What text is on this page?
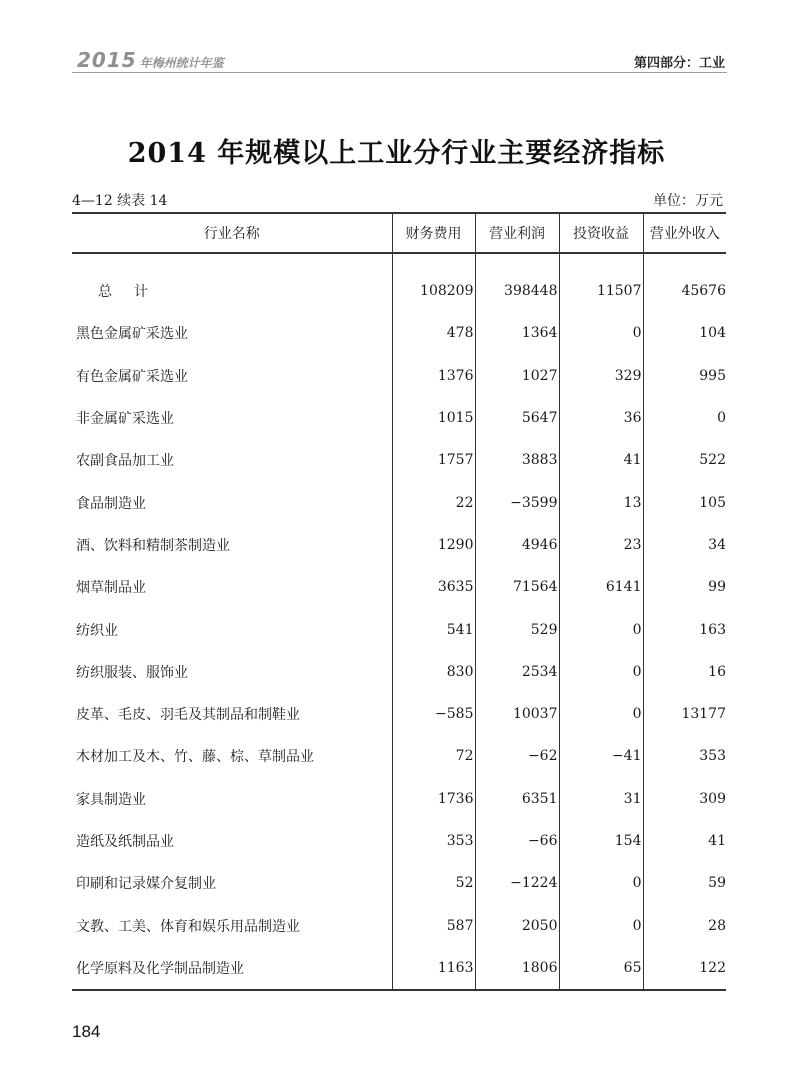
2015 年梅州统计年鉴	第四部分：工业
2014 年规模以上工业分行业主要经济指标
4—12 续表 14	单位：万元
行业名称	财务费用	营业利润	投资收益	营业外收入
总计	108209	398448	11507	45676
黑色金属矿采选业	478	1364	0	104
有色金属矿采选业	1376	1027	329	995
非金属矿采选业	1015	5647	36	0
农副食品加工业	1757	3883	41	522
食品制造业	22	−3599	13	105
酒、饮料和精制茶制造业	1290	4946	23	34
烟草制品业	3635	71564	6141	99
纺织业	541	529	0	163
纺织服装、服饰业	830	2534	0	16
皮革、毛皮、羽毛及其制品和制鞋业	−585	10037	0	13177
木材加工及木、竹、藤、棕、草制品业	72	−62	−41	353
家具制造业	1736	6351	31	309
造纸及纸制品业	353	−66	154	41
印刷和记录媒介复制业	52	−1224	0	59
文教、工美、体育和娱乐用品制造业	587	2050	0	28
化学原料及化学制品制造业	1163	1806	65	122
184
